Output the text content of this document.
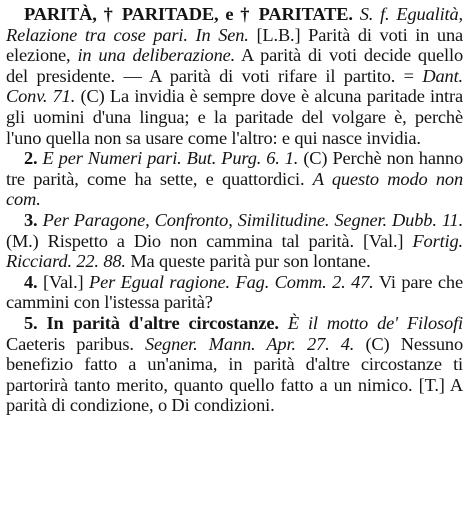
PARITÀ, † PARITADE, e † PARITATE. S. f. Egualità, Relazione tra cose pari. In Sen. [L.B.] Parità di voti in una elezione, in una deliberazione. A parità di voti decide quello del presidente. — A parità di voti rifare il partito. = Dant. Conv. 71. (C) La invidia è sempre dove è alcuna paritade intra gli uomini d'una lingua; e la paritade del volgare è, perchè l'uno quella non sa usare come l'altro: e qui nasce invidia.

2. E per Numeri pari. But. Purg. 6. 1. (C) Perchè non hanno tre parità, come ha sette, e quattordici. A questo modo non com.

3. Per Paragone, Confronto, Similitudine. Segner. Dubb. 11. (M.) Rispetto a Dio non cammina tal parità. [Val.] Fortig. Ricciard. 22. 88. Ma queste parità pur son lontane.

4. [Val.] Per Egual ragione. Fag. Comm. 2. 47. Vi pare che cammini con l'istessa parità?

5. In parità d'altre circostanze. È il motto de' Filosofi Caeteris paribus. Segner. Mann. Apr. 27. 4. (C) Nessuno benefizio fatto a un'anima, in parità d'altre circostanze ti partorirà tanto merito, quanto quello fatto a un nimico. [T.] A parità di condizione, o Di condizioni.
